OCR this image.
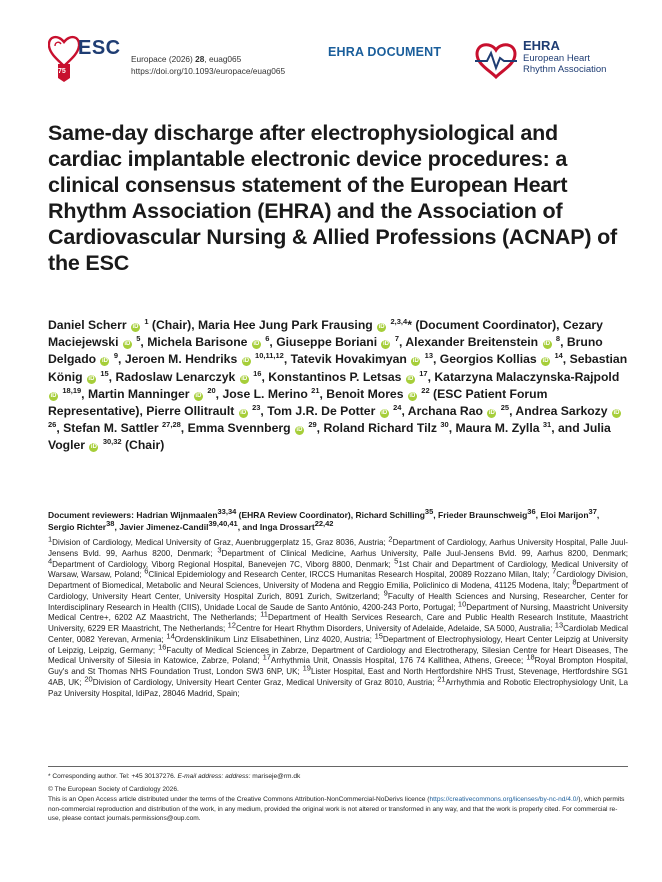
75
ESC Europace (2026) 28, euag065
https://doi.org/10.1093/europace/euag065
EHRA DOCUMENT	EHRA
European Heart
Rhythm Association
Same-day discharge after electrophysiological and cardiac implantable electronic device procedures: a clinical consensus statement of the European Heart Rhythm Association (EHRA) and the Association of Cardiovascular Nursing & Allied Professions (ACNAP) of the ESC
Daniel Scherr iD $^1$ (Chair), Maria Hee Jung Park Frausing iD $^{2,3,4}$* (Document Coordinator), Cezary Maciejewski iD $^5$, Michela Barisone iD $^6$, Giuseppe Boriani iD $^7$, Alexander Breitenstein iD $^8$, Bruno Delgado iD $^9$, Jeroen M. Hendriks iD $^{10,11,12}$, Tatevik Hovakimyan iD $^{13}$, Georgios Kollias iD $^{14}$, Sebastian König iD $^{15}$, Radoslaw Lenarczyk iD $^{16}$, Konstantinos P. Letsas iD $^{17}$, Katarzyna Malaczynska-Rajpold iD $^{18,19}$, Martin Manninger iD $^{20}$, Jose L. Merino $^{21}$, Benoit Mores iD $^{22}$ (ESC Patient Forum Representative), Pierre Ollitrault iD $^{23}$, Tom J.R. De Potter iD $^{24}$, Archana Rao iD $^{25}$, Andrea Sarkozy iD $^{26}$, Stefan M. Sattler $^{27,28}$, Emma Svennberg iD $^{29}$, Roland Richard Tilz $^{30}$, Maura M. Zylla $^{31}$, and Julia Vogler iD $^{30,32}$ (Chair)
Document reviewers: Hadrian Wijnmaalen$^{33,34}$ (EHRA Review Coordinator), Richard Schilling$^{35}$, Frieder Braunschweig$^{36}$, Eloi Marijon$^{37}$, Sergio Richter$^{38}$, Javier Jimenez-Candil$^{39,40,41}$, and Inga Drossart$^{22,42}$
$^1$Division of Cardiology, Medical University of Graz, Auenbruggerplatz 15, Graz 8036, Austria; $^2$Department of Cardiology, Aarhus University Hospital, Palle Juul-Jensens Bvld. 99, Aarhus 8200, Denmark; $^3$Department of Clinical Medicine, Aarhus University, Palle Juul-Jensens Bvld. 99, Aarhus 8200, Denmark; $^4$Department of Cardiology, Viborg Regional Hospital, Banevejen 7C, Viborg 8800, Denmark; $^5$1st Chair and Department of Cardiology, Medical University of Warsaw, Warsaw, Poland; $^6$Clinical Epidemiology and Research Center, IRCCS Humanitas Research Hospital, 20089 Rozzano Milan, Italy; $^7$Cardiology Division, Department of Biomedical, Metabolic and Neural Sciences, University of Modena and Reggio Emilia, Policlinico di Modena, 41125 Modena, Italy; $^8$Department of Cardiology, University Heart Center, University Hospital Zurich, 8091 Zurich, Switzerland; $^9$Faculty of Health Sciences and Nursing, Researcher, Center for Interdisciplinary Research in Health (CIIS), Unidade Local de Saude de Santo António, 4200-243 Porto, Portugal; $^{10}$Department of Nursing, Maastricht University Medical Centre+, 6202 AZ Maastricht, The Netherlands; $^{11}$Department of Health Services Research, Care and Public Health Research Institute, Maastricht University, 6229 ER Maastricht, The Netherlands; $^{12}$Centre for Heart Rhythm Disorders, University of Adelaide, Adelaide, SA 5000, Australia; $^{13}$Cardiolab Medical Center, 0082 Yerevan, Armenia; $^{14}$Ordensklinikum Linz Elisabethinen, Linz 4020, Austria; $^{15}$Department of Electrophysiology, Heart Center Leipzig at University of Leipzig, Leipzig, Germany; $^{16}$Faculty of Medical Sciences in Zabrze, Department of Cardiology and Electrotherapy, Silesian Centre for Heart Diseases, The Medical University of Silesia in Katowice, Zabrze, Poland; $^{17}$Arrhythmia Unit, Onassis Hospital, 176 74 Kallithea, Athens, Greece; $^{18}$Royal Brompton Hospital, Guy's and St Thomas NHS Foundation Trust, London SW3 6NP, UK; $^{19}$Lister Hospital, East and North Hertfordshire NHS Trust, Stevenage, Hertfordshire SG1 4AB, UK; $^{20}$Division of Cardiology, University Heart Center Graz, Medical University of Graz 8010, Austria; $^{21}$Arrhythmia and Robotic Electrophysiology Unit, La Paz University Hospital, IdiPaz, 28046 Madrid, Spain;

* Corresponding author. Tel: +45 30137276. E-mail address: address: mariseje@rm.dk

© The European Society of Cardiology 2026.

This is an Open Access article distributed under the terms of the Creative Commons Attribution-NonCommercial-NoDerivs licence (https://creativecommons.org/licenses/by-nc-nd/4.0/), which permits non-commercial reproduction and distribution of the work, in any medium, provided the original work is not altered or transformed in any way, and that the work is properly cited. For commercial re-use, please contact journals.permissions@oup.com.
